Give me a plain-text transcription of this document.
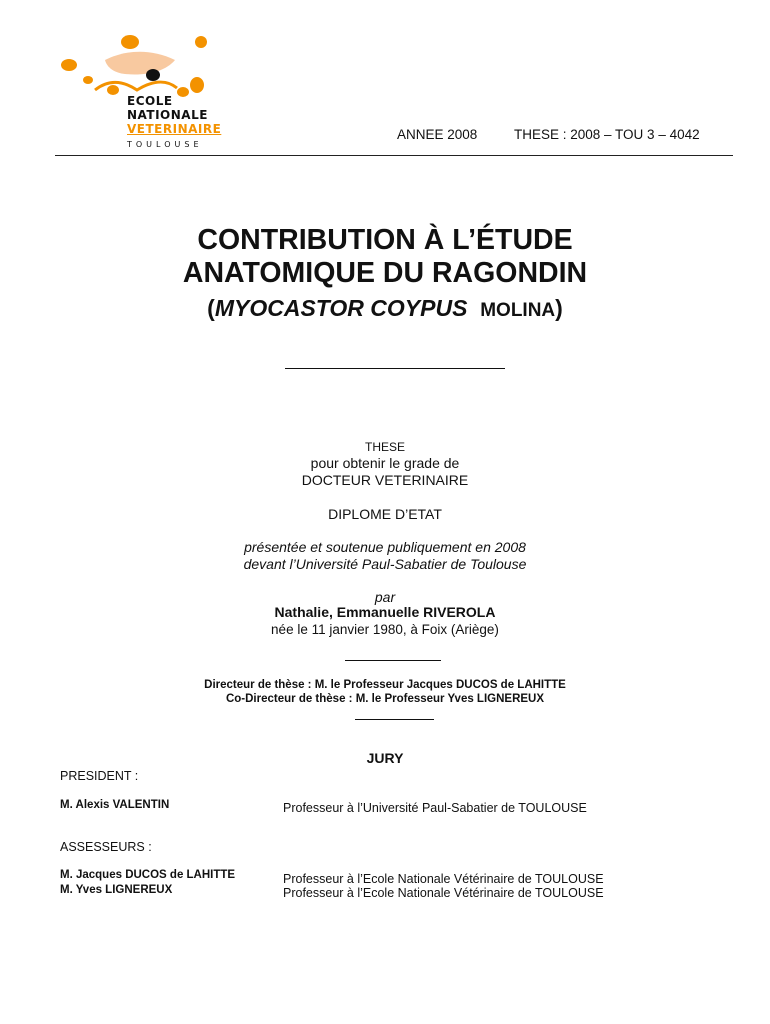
ECOLE
NATIONALE
VETERINAIRE
TOULOUSE
ANNEE 2008	THESE : 2008 – TOU 3 – 4042
CONTRIBUTION À L’ÉTUDE
ANATOMIQUE DU RAGONDIN
(MYOCASTOR COYPUS MOLINA)
THESE
pour obtenir le grade de
DOCTEUR VETERINAIRE
DIPLOME D’ETAT
présentée et soutenue publiquement en 2008
devant l’Université Paul-Sabatier de Toulouse
par
Nathalie, Emmanuelle RIVEROLA
née le 11 janvier 1980, à Foix (Ariège)
Directeur de thèse : M. le Professeur Jacques DUCOS de LAHITTE
Co-Directeur de thèse : M. le Professeur Yves LIGNEREUX
JURY
PRESIDENT :
M. Alexis VALENTIN	Professeur à l’Université Paul-Sabatier de TOULOUSE
ASSESSEURS :
M. Jacques DUCOS de LAHITTE	Professeur à l’Ecole Nationale Vétérinaire de TOULOUSE
M. Yves LIGNEREUX	Professeur à l’Ecole Nationale Vétérinaire de TOULOUSE
